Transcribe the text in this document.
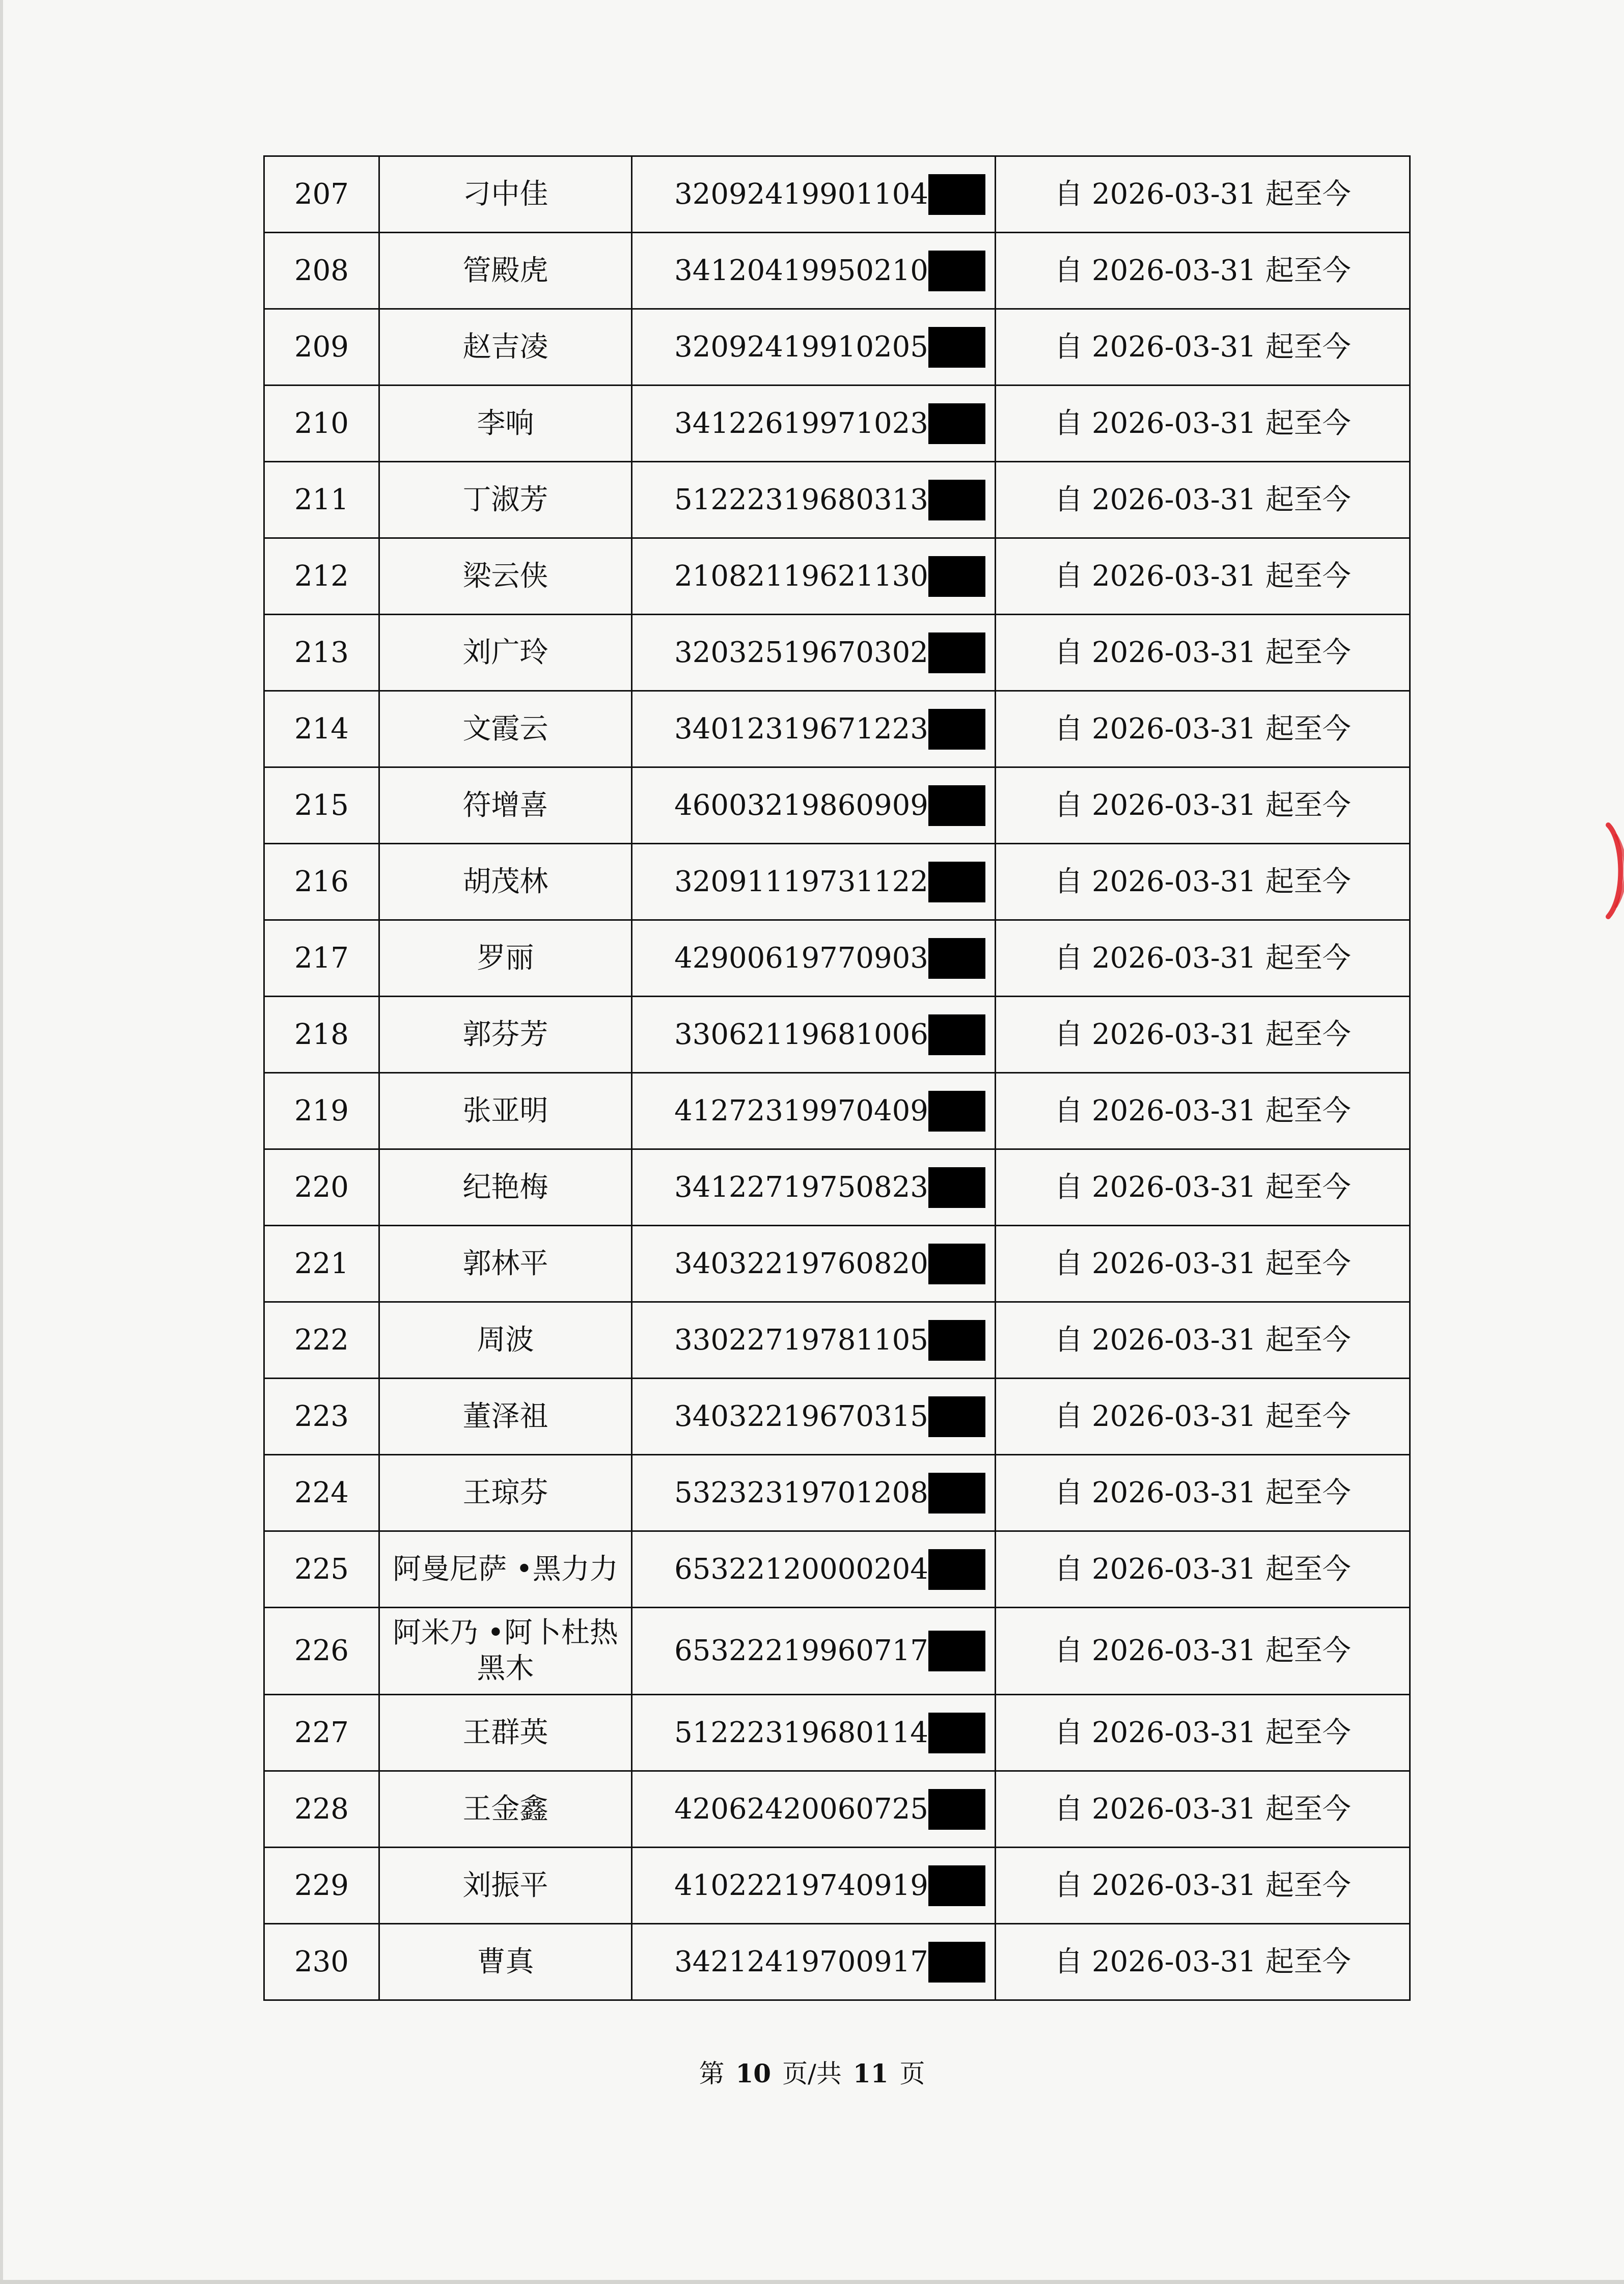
207	刁中佳	32092419901104	自 2026-03-31 起至今
208	管殿虎	34120419950210	自 2026-03-31 起至今
209	赵吉凌	32092419910205	自 2026-03-31 起至今
210	李响	34122619971023	自 2026-03-31 起至今
211	丁淑芳	51222319680313	自 2026-03-31 起至今
212	梁云侠	21082119621130	自 2026-03-31 起至今
213	刘广玲	32032519670302	自 2026-03-31 起至今
214	文霞云	34012319671223	自 2026-03-31 起至今
215	符增喜	46003219860909	自 2026-03-31 起至今
216	胡茂林	32091119731122	自 2026-03-31 起至今
217	罗丽	42900619770903	自 2026-03-31 起至今
218	郭芬芳	33062119681006	自 2026-03-31 起至今
219	张亚明	41272319970409	自 2026-03-31 起至今
220	纪艳梅	34122719750823	自 2026-03-31 起至今
221	郭林平	34032219760820	自 2026-03-31 起至今
222	周波	33022719781105	自 2026-03-31 起至今
223	董泽祖	34032219670315	自 2026-03-31 起至今
224	王琼芬	53232319701208	自 2026-03-31 起至今
225	阿曼尼萨 •黑力力	65322120000204	自 2026-03-31 起至今
226	阿米乃 •阿卜杜热黑木	65322219960717	自 2026-03-31 起至今
227	王群英	51222319680114	自 2026-03-31 起至今
228	王金鑫	42062420060725	自 2026-03-31 起至今
229	刘振平	41022219740919	自 2026-03-31 起至今
230	曹真	34212419700917	自 2026-03-31 起至今
第 10 页/共 11 页
